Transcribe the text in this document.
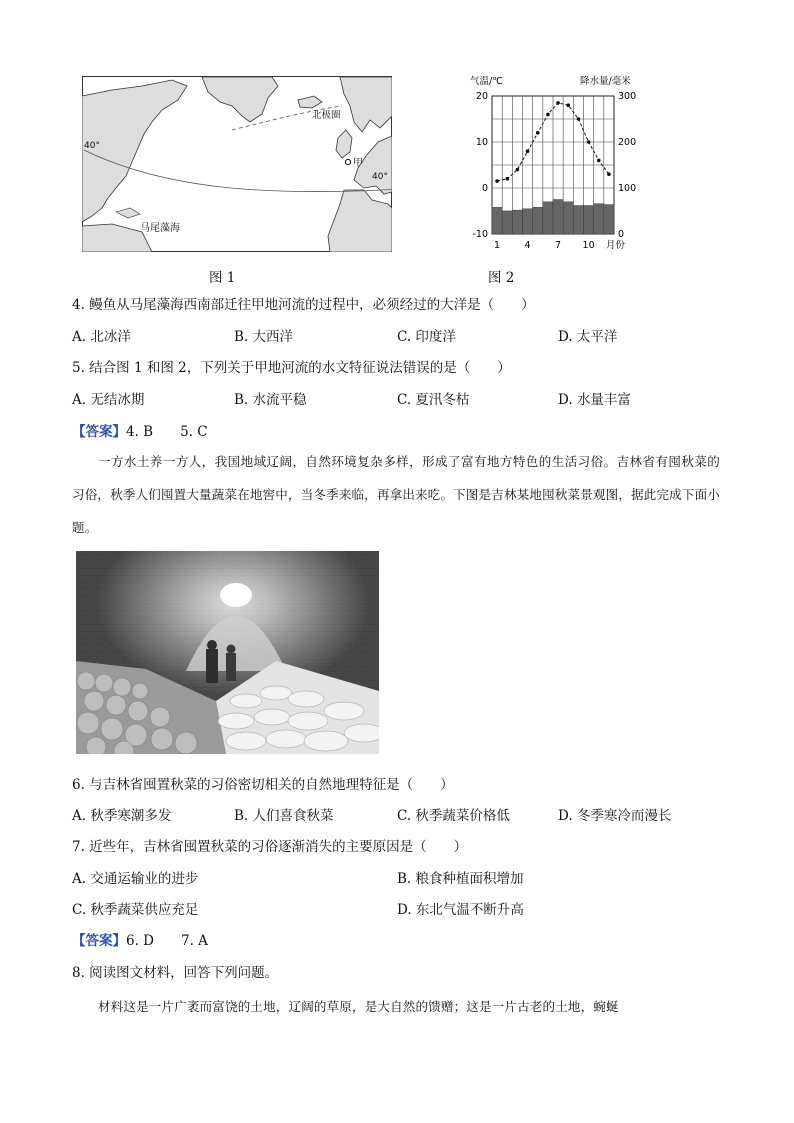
北极圈
甲
马尾藻海
40°
40°
图 1
气温/℃	降水量/毫米
20
10
0
-10
300
200
100
0
1	4	7 10 月份
图 2
4. 鳗鱼从马尾藻海西南部迁往甲地河流的过程中，必须经过的大洋是（　　）
A. 北冰洋	B. 大西洋	C. 印度洋	D. 太平洋
5. 结合图 1 和图 2，下列关于甲地河流的水文特征说法错误的是（　　）
A. 无结冰期	B. 水流平稳	C. 夏汛冬枯	D. 水量丰富
【答案】4. B　　5. C
一方水土养一方人，我国地域辽阔，自然环境复杂多样，形成了富有地方特色的生活习俗。吉林省有囤秋菜的习俗，秋季人们囤置大量蔬菜在地窖中，当冬季来临，再拿出来吃。下图是吉林某地囤秋菜景观图，据此完成下面小题。
6. 与吉林省囤置秋菜的习俗密切相关的自然地理特征是（　　）
A. 秋季寒潮多发	B. 人们喜食秋菜	C. 秋季蔬菜价格低	D. 冬季寒冷而漫长
7. 近些年，吉林省囤置秋菜的习俗逐渐消失的主要原因是（　　）
A. 交通运输业的进步	B. 粮食种植面积增加
C. 秋季蔬菜供应充足	D. 东北气温不断升高
【答案】6. D　　7. A
8. 阅读图文材料，回答下列问题。
材料这是一片广袤而富饶的土地，辽阔的草原，是大自然的馈赠；这是一片古老的土地，蜿蜒
